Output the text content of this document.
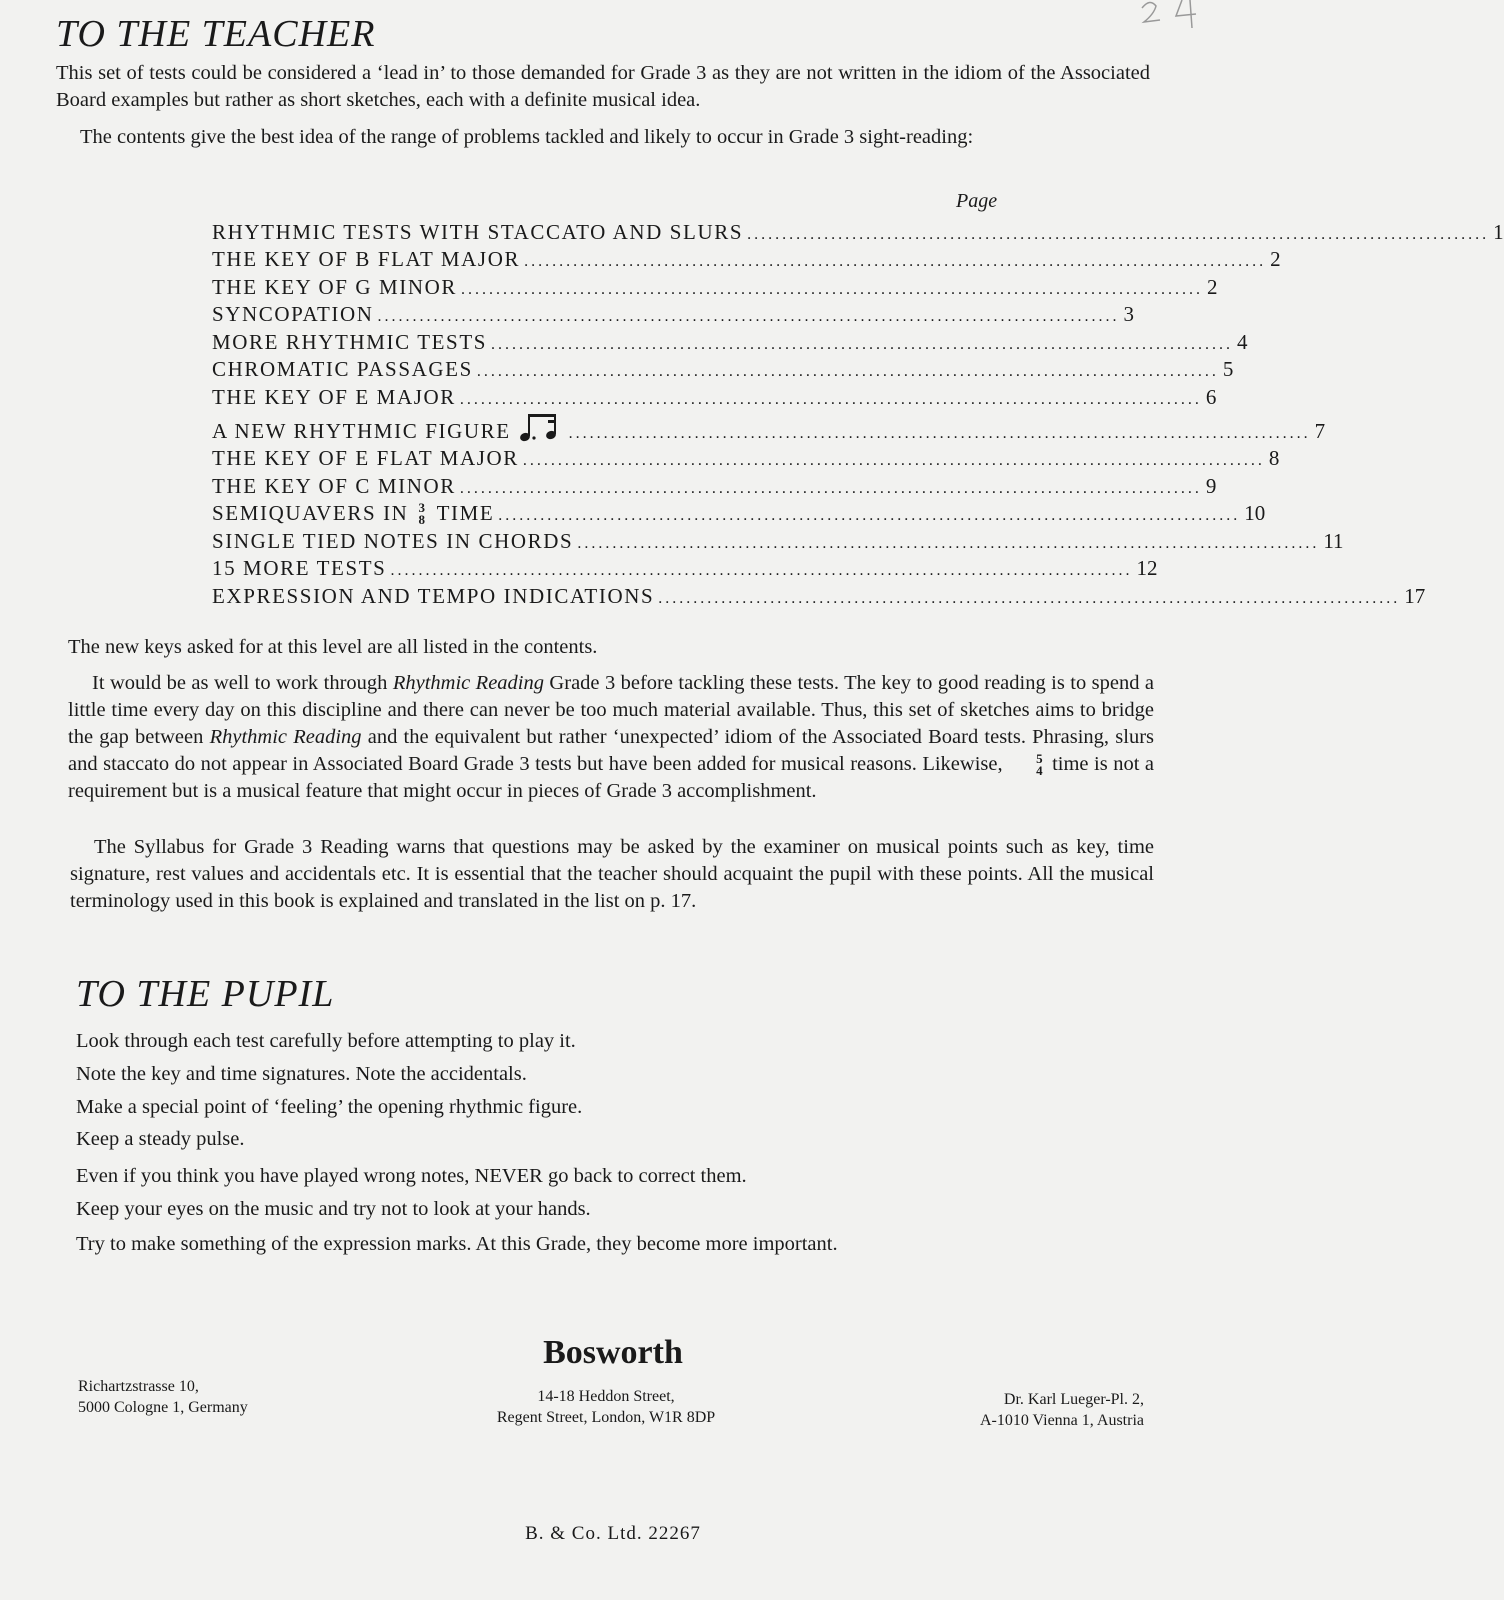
TO THE TEACHER

This set of tests could be considered a ‘lead in’ to those demanded for Grade 3 as they are not written in the idiom of the Associated Board examples but rather as short sketches, each with a definite musical idea.

The contents give the best idea of the range of problems tackled and likely to occur in Grade 3 sight-reading:

Page
RHYTHMIC TESTS WITH STACCATO AND SLURS .......................................................................................................... 1
THE KEY OF B FLAT MAJOR .......................................................................................................... 2
THE KEY OF G MINOR .......................................................................................................... 2
SYNCOPATION .......................................................................................................... 3
MORE RHYTHMIC TESTS .......................................................................................................... 4
CHROMATIC PASSAGES .......................................................................................................... 5
THE KEY OF E MAJOR .......................................................................................................... 6
A NEW RHYTHMIC FIGURE	.......................................................................................................... 7
THE KEY OF E FLAT MAJOR .......................................................................................................... 8
THE KEY OF C MINOR .......................................................................................................... 9
SEMIQUAVERS IN 3
8 TIME .......................................................................................................... 10
SINGLE TIED NOTES IN CHORDS .......................................................................................................... 11
15 MORE TESTS .......................................................................................................... 12
EXPRESSION AND TEMPO INDICATIONS .......................................................................................................... 17

The new keys asked for at this level are all listed in the contents.

It would be as well to work through Rhythmic Reading Grade 3 before tackling these tests. The key to good reading is to spend a little time every day on this discipline and there can never be too much material available. Thus, this set of sketches aims to bridge the gap between Rhythmic Reading and the equivalent but rather ‘unexpected’ idiom of the Associated Board tests. Phrasing, slurs and staccato do not appear in Associated Board Grade 3 tests but have been added for musical reasons. Likewise,	5
4 time is not a requirement but is a musical feature that might occur in pieces of Grade 3 accomplishment.

The Syllabus for Grade 3 Reading warns that questions may be asked by the examiner on musical points such as key, time signature, rest values and accidentals etc. It is essential that the teacher should acquaint the pupil with these points. All the musical terminology used in this book is explained and translated in the list on p. 17.

TO THE PUPIL

Look through each test carefully before attempting to play it.

Note the key and time signatures. Note the accidentals.

Make a special point of ‘feeling’ the opening rhythmic figure.

Keep a steady pulse.

Even if you think you have played wrong notes, NEVER go back to correct them.

Keep your eyes on the music and try not to look at your hands.

Try to make something of the expression marks. At this Grade, they become more important.

Bosworth

Richartzstrasse 10,
5000 Cologne 1, Germany
14-18 Heddon Street,
Regent Street, London, W1R 8DP
Dr. Karl Lueger-Pl. 2,
A-1010 Vienna 1, Austria

B. & Co. Ltd. 22267
